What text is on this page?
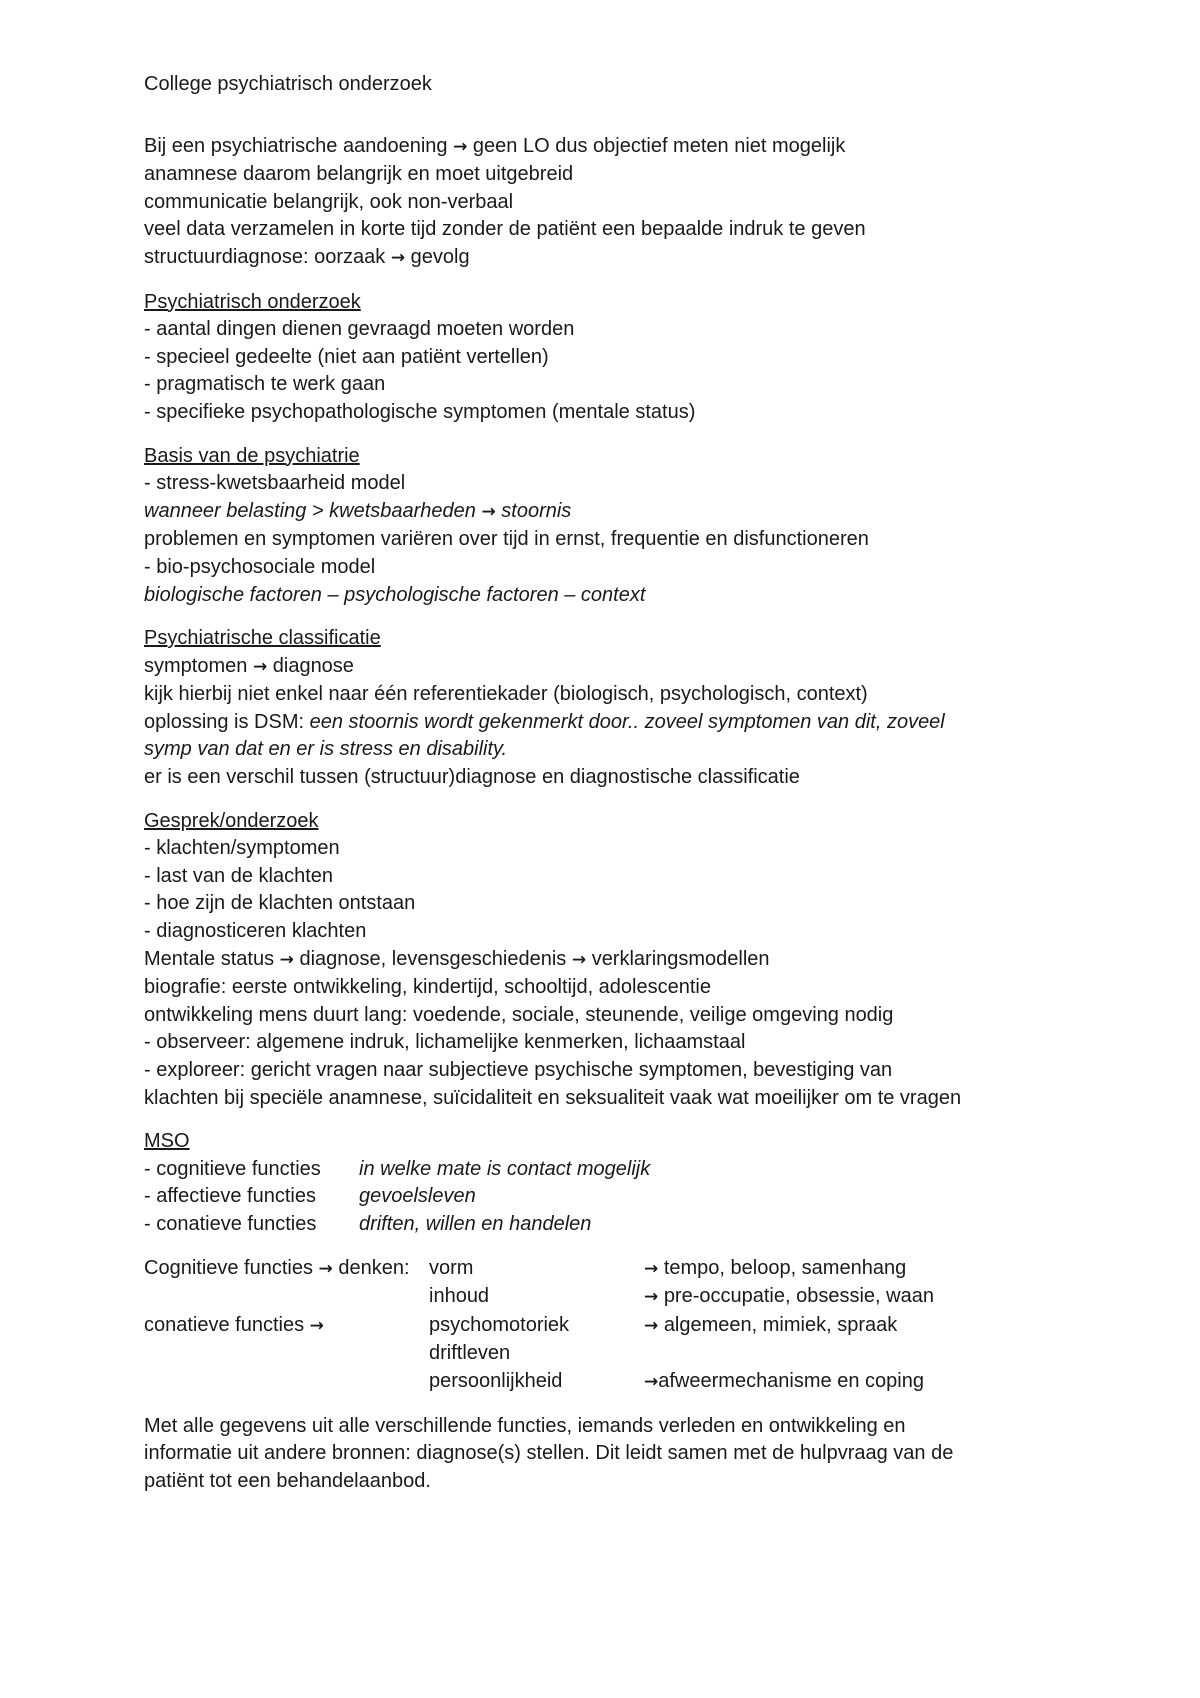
College psychiatrisch onderzoek
Bij een psychiatrische aandoening → geen LO dus objectief meten niet mogelijk
anamnese daarom belangrijk en moet uitgebreid
communicatie belangrijk, ook non-verbaal
veel data verzamelen in korte tijd zonder de patiënt een bepaalde indruk te geven
structuurdiagnose: oorzaak → gevolg
Psychiatrisch onderzoek
- aantal dingen dienen gevraagd moeten worden
- specieel gedeelte (niet aan patiënt vertellen)
- pragmatisch te werk gaan
- specifieke psychopathologische symptomen (mentale status)
Basis van de psychiatrie
- stress-kwetsbaarheid model
wanneer belasting > kwetsbaarheden → stoornis
problemen en symptomen variëren over tijd in ernst, frequentie en disfunctioneren
- bio-psychosociale model
biologische factoren – psychologische factoren – context
Psychiatrische classificatie
symptomen → diagnose
kijk hierbij niet enkel naar één referentiekader (biologisch, psychologisch, context)
oplossing is DSM: een stoornis wordt gekenmerkt door.. zoveel symptomen van dit, zoveel
symp van dat en er is stress en disability.
er is een verschil tussen (structuur)diagnose en diagnostische classificatie
Gesprek/onderzoek
- klachten/symptomen
- last van de klachten
- hoe zijn de klachten ontstaan
- diagnosticeren klachten
Mentale status → diagnose, levensgeschiedenis → verklaringsmodellen
biografie: eerste ontwikkeling, kindertijd, schooltijd, adolescentie
ontwikkeling mens duurt lang: voedende, sociale, steunende, veilige omgeving nodig
- observeer: algemene indruk, lichamelijke kenmerken, lichaamstaal
- exploreer: gericht vragen naar subjectieve psychische symptomen, bevestiging van
klachten bij speciële anamnese, suïcidaliteit en seksualiteit vaak wat moeilijker om te vragen
MSO
- cognitieve functies	in welke mate is contact mogelijk
- affectieve functies	gevoelsleven
- conatieve functies	driften, willen en handelen
Cognitieve functies → denken:	vorm	→ tempo, beloop, samenhang
	inhoud	→ pre-occupatie, obsessie, waan
conatieve functies →	psychomotoriek	→ algemeen, mimiek, spraak
	driftleven	
	persoonlijkheid	→afweermechanisme en coping
Met alle gegevens uit alle verschillende functies, iemands verleden en ontwikkeling en
informatie uit andere bronnen: diagnose(s) stellen. Dit leidt samen met de hulpvraag van de
patiënt tot een behandelaanbod.
